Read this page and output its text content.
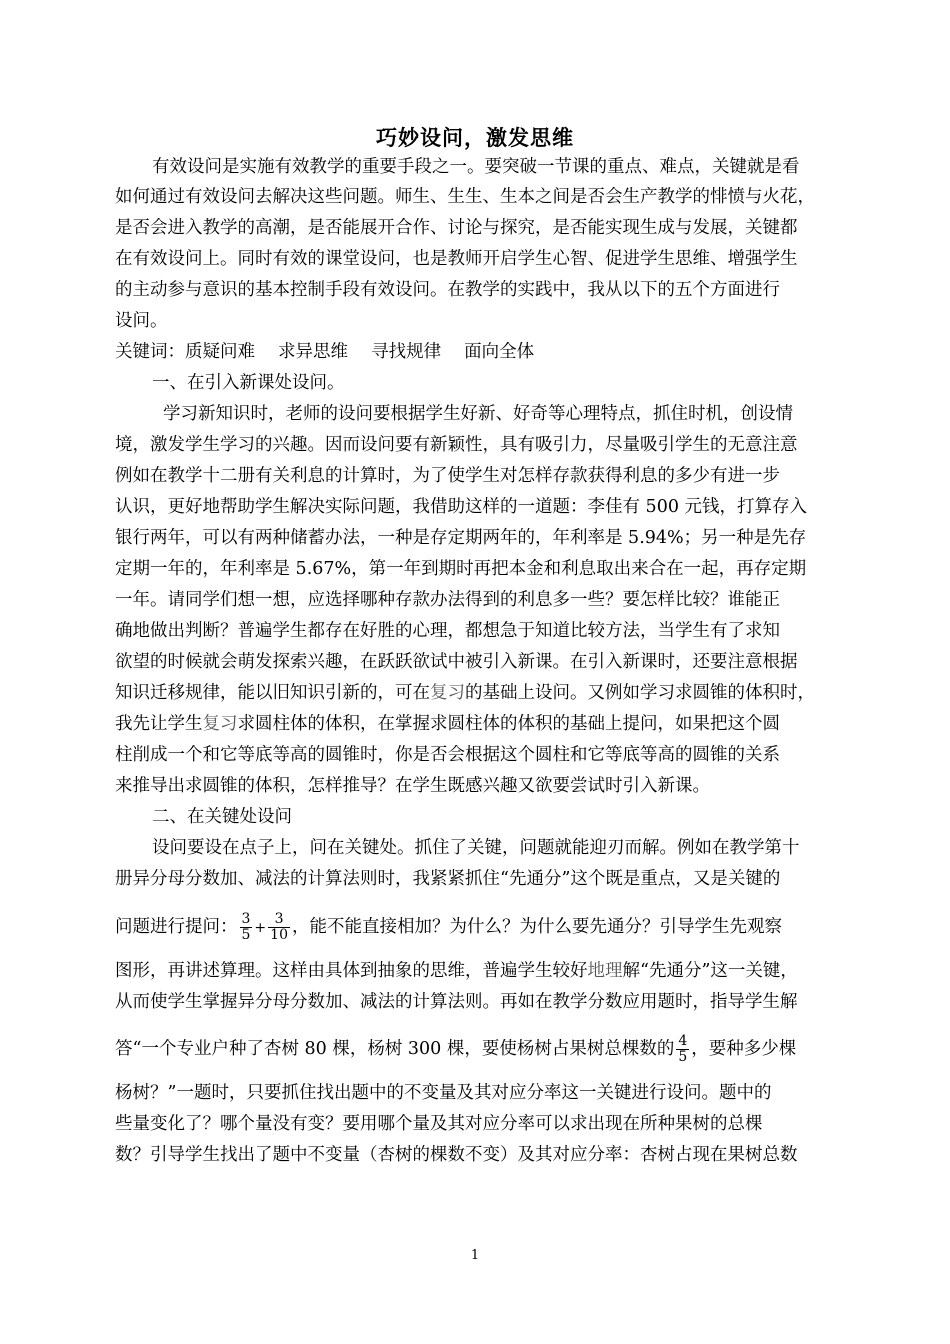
巧妙设问，激发思维
有效设问是实施有效教学的重要手段之一。要突破一节课的重点、难点，关键就是看
如何通过有效设问去解决这些问题。师生、生生、生本之间是否会生产教学的悱愤与火花，
是否会进入教学的高潮，是否能展开合作、讨论与探究，是否能实现生成与发展，关键都
在有效设问上。同时有效的课堂设问，也是教师开启学生心智、促进学生思维、增强学生
的主动参与意识的基本控制手段有效设问。在教学的实践中，我从以下的五个方面进行
设问。
关键词：质疑问难　 求异思维　 寻找规律　 面向全体
一、在引入新课处设问。
学习新知识时，老师的设问要根据学生好新、好奇等心理特点，抓住时机，创设情
境，激发学生学习的兴趣。因而设问要有新颖性，具有吸引力，尽量吸引学生的无意注意
例如在教学十二册有关利息的计算时，为了使学生对怎样存款获得利息的多少有进一步
认识，更好地帮助学生解决实际问题，我借助这样的一道题：李佳有 500 元钱，打算存入
银行两年，可以有两种储蓄办法，一种是存定期两年的，年利率是 5.94%；另一种是先存
定期一年的，年利率是 5.67%，第一年到期时再把本金和利息取出来合在一起，再存定期
一年。请同学们想一想，应选择哪种存款办法得到的利息多一些？要怎样比较？谁能正
确地做出判断？普遍学生都存在好胜的心理，都想急于知道比较方法，当学生有了求知
欲望的时候就会萌发探索兴趣，在跃跃欲试中被引入新课。在引入新课时，还要注意根据
知识迁移规律，能以旧知识引新的，可在复习的基础上设问。又例如学习求圆锥的体积时，
我先让学生复习求圆柱体的体积，在掌握求圆柱体的体积的基础上提问，如果把这个圆
柱削成一个和它等底等高的圆锥时，你是否会根据这个圆柱和它等底等高的圆锥的关系
来推导出求圆锥的体积，怎样推导？在学生既感兴趣又欲要尝试时引入新课。
二、在关键处设问
设问要设在点子上，问在关键处。抓住了关键，问题就能迎刃而解。例如在教学第十
册异分母分数加、减法的计算法则时，我紧紧抓住“先通分”这个既是重点，又是关键的
问题进行提问： $\frac{3}{5} + \frac{3}{10}$ ，能不能直接相加？为什么？为什么要先通分？引导学生先观察
图形，再讲述算理。这样由具体到抽象的思维，普遍学生较好地理解“先通分”这一关键，
从而使学生掌握异分母分数加、减法的计算法则。再如在教学分数应用题时，指导学生解
答“一个专业户种了杏树 80 棵，杨树 300 棵，要使杨树占果树总棵数的 $\frac{4}{5}$ ，要种多少棵
杨树？”一题时，只要抓住找出题中的不变量及其对应分率这一关键进行设问。题中的
些量变化了？哪个量没有变？要用哪个量及其对应分率可以求出现在所种果树的总棵
数？引导学生找出了题中不变量（杏树的棵数不变）及其对应分率：杏树占现在果树总数
1
